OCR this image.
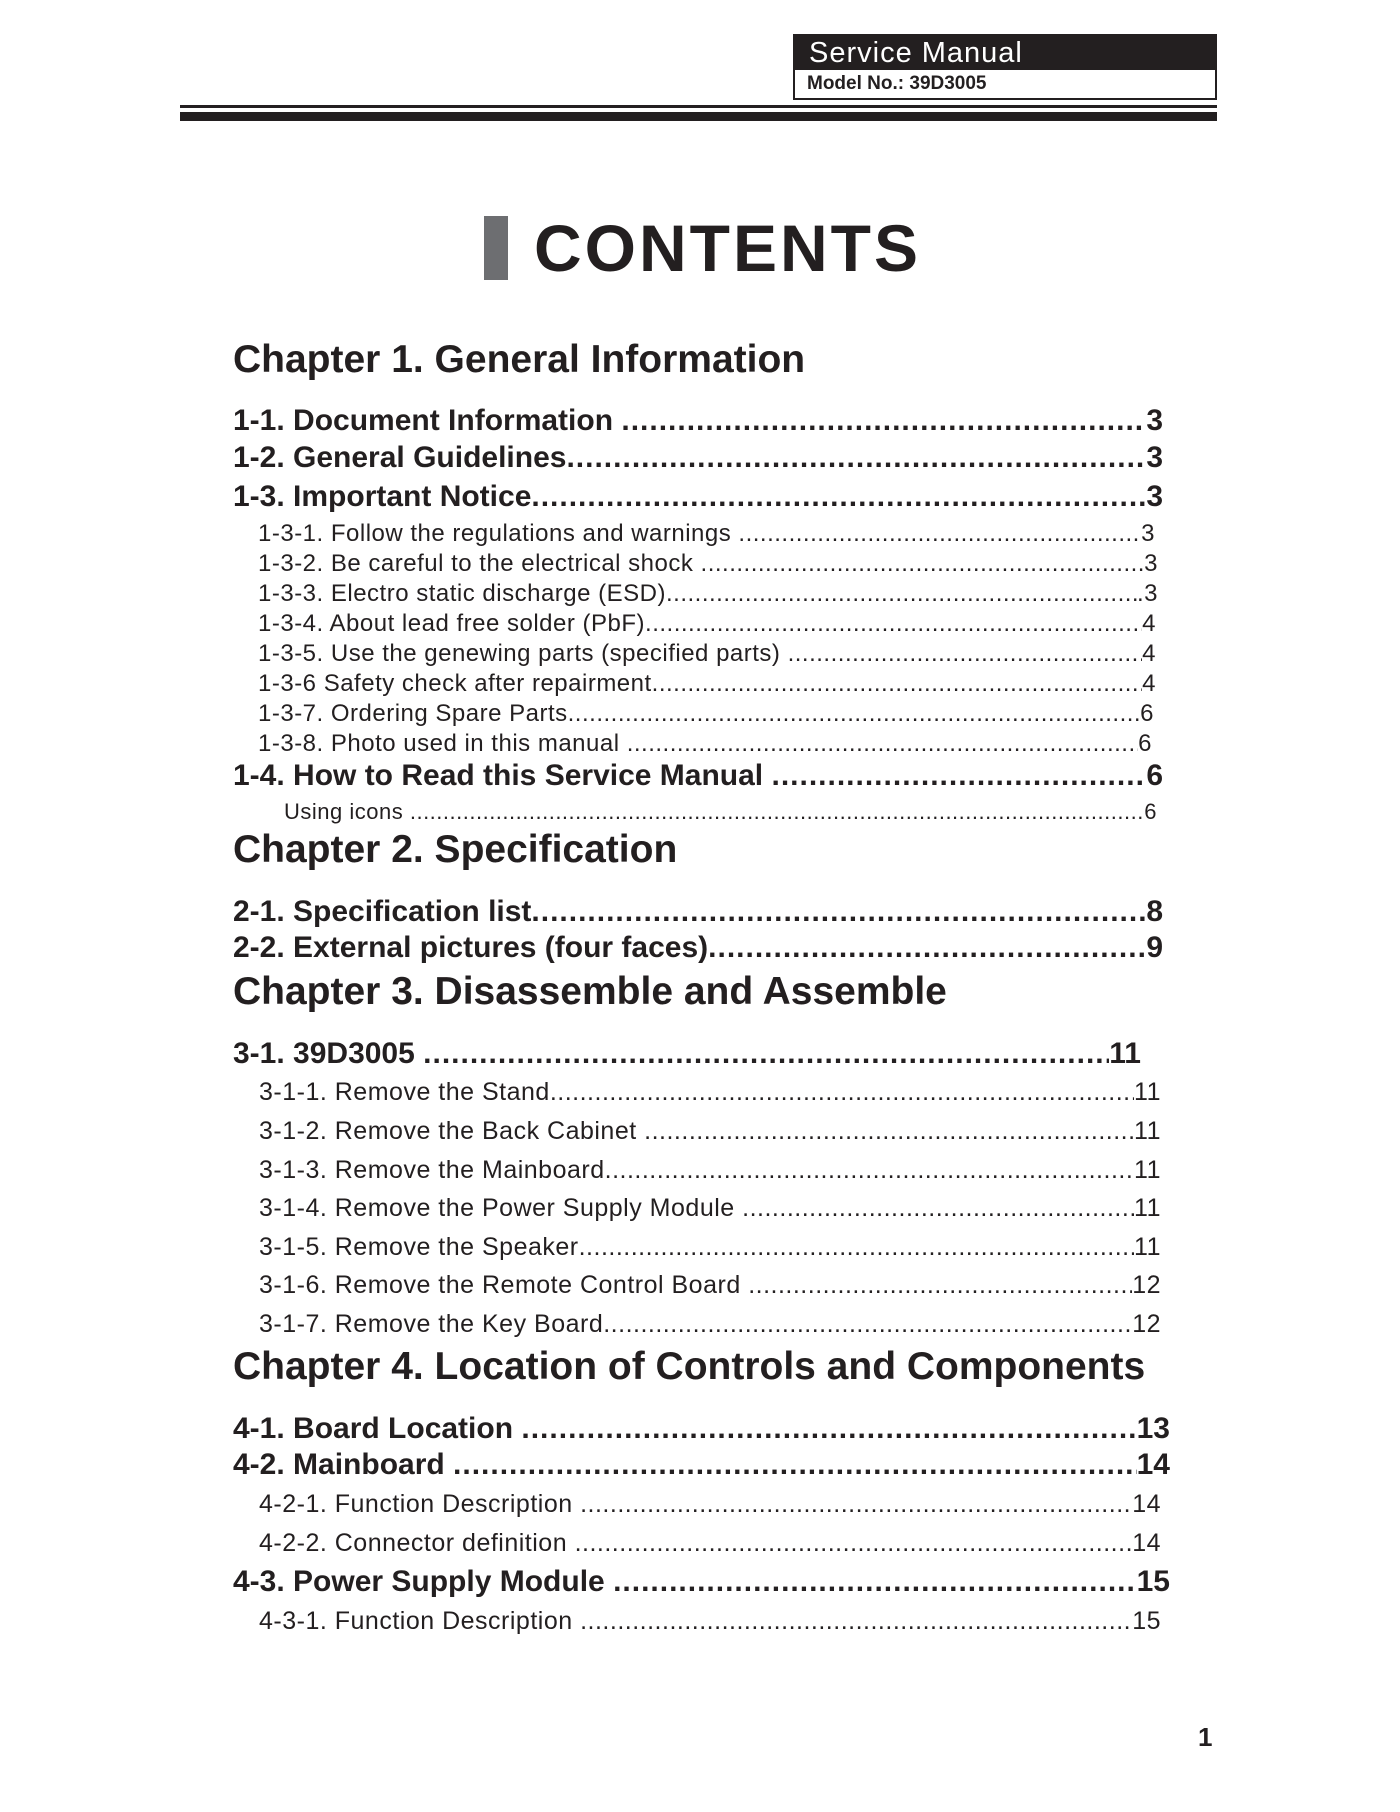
Service Manual
Model No.: 39D3005
CONTENTS
Chapter 1. General Information
1-1. Document Information .....	3
1-2. General Guidelines .....	3
1-3. Important Notice .....	3
1-3-1. Follow the regulations and warnings .....	3
1-3-2. Be careful to the electrical shock .....	3
1-3-3. Electro static discharge (ESD) .....	.3
1-3-4. About lead free solder (PbF) .....	4
1-3-5. Use the genewing parts (specified parts) .....	4
1-3-6 Safety check after repairment .....	4
1-3-7. Ordering Spare Parts .....	6
1-3-8. Photo used in this manual .....	6
1-4. How to Read this Service Manual .....	6
Using icons .....	6
Chapter 2. Specification
2-1. Specification list .....	8
2-2. External pictures (four faces) .....	9
Chapter 3. Disassemble and Assemble
3-1. 39D3005 .....	11
3-1-1. Remove the Stand .....	11
3-1-2. Remove the Back Cabinet .....	11
3-1-3. Remove the Mainboard .....	11
3-1-4. Remove the Power Supply Module .....	11
3-1-5. Remove the Speaker .....	11
3-1-6. Remove the Remote Control Board .....	12
3-1-7. Remove the Key Board .....	12
Chapter 4. Location of Controls and Components
4-1. Board Location .....	13
4-2. Mainboard .....	14
4-2-1. Function Description .....	14
4-2-2. Connector definition .....	14
4-3. Power Supply Module .....	15
4-3-1. Function Description .....	15
1
